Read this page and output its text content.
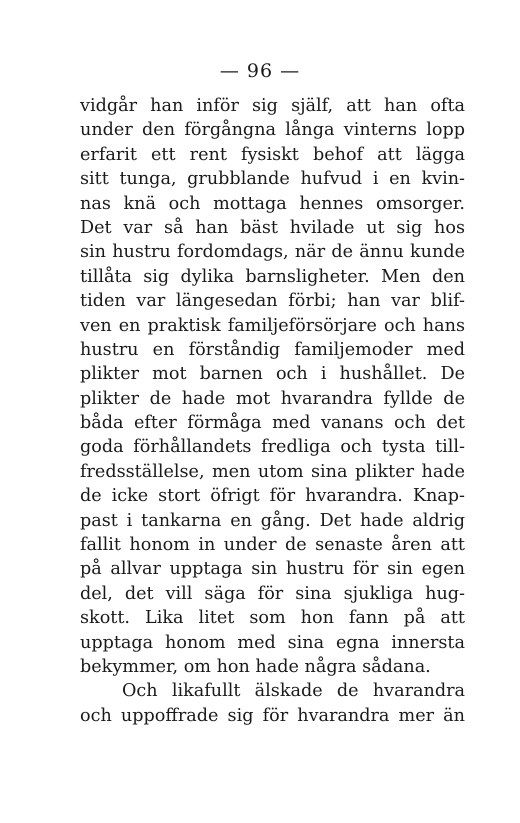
— 96 —
vidgår han inför sig själf, att han ofta
under den förgångna långa vinterns lopp
erfarit ett rent fysiskt behof att lägga
sitt tunga, grubblande hufvud i en kvin-
nas knä och mottaga hennes omsorger.
Det var så han bäst hvilade ut sig hos
sin hustru fordomdags, när de ännu kunde
tillåta sig dylika barnsligheter. Men den
tiden var längesedan förbi; han var blif-
ven en praktisk familjeförsörjare och hans
hustru en förståndig familjemoder med
plikter mot barnen och i hushållet. De
plikter de hade mot hvarandra fyllde de
båda efter förmåga med vanans och det
goda förhållandets fredliga och tysta till-
fredsställelse, men utom sina plikter hade
de icke stort öfrigt för hvarandra. Knap-
past i tankarna en gång. Det hade aldrig
fallit honom in under de senaste åren att
på allvar upptaga sin hustru för sin egen
del, det vill säga för sina sjukliga hug-
skott. Lika litet som hon fann på att
upptaga honom med sina egna innersta
bekymmer, om hon hade några sådana.
Och likafullt älskade de hvarandra
och uppoffrade sig för hvarandra mer än
